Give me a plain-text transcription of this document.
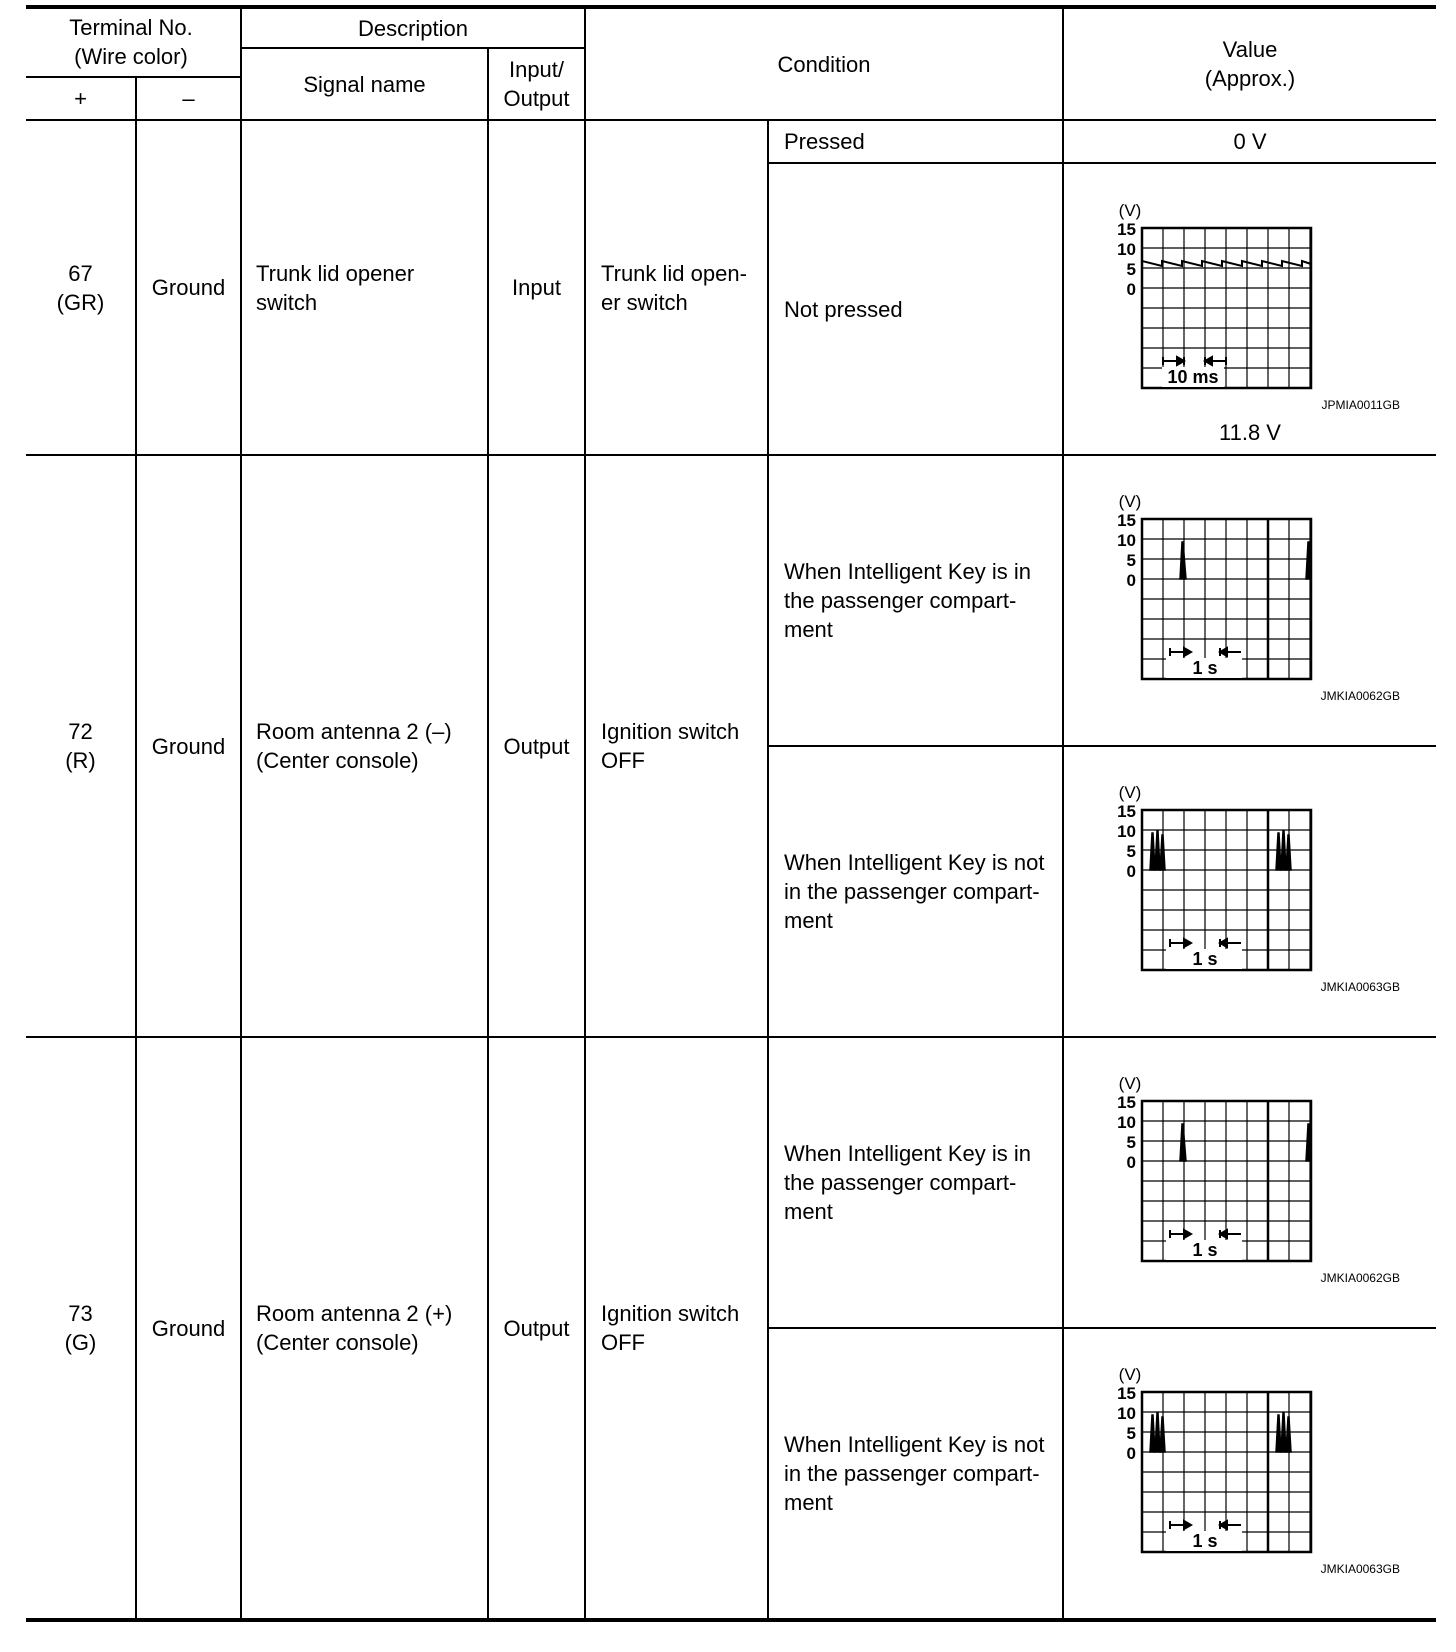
Terminal No.
(Wire color)
+	–
Description
Signal name
Input/
Output
Condition
Value
(Approx.)
67
(GR)
Ground
Trunk lid opener
switch
Input
Trunk lid open-
er switch
Pressed	0 V
Not pressed
(V)
15
10
5
0
10 ms
JPMIA0011GB
11.8 V
72
(R)
Ground
Room antenna 2 (–)
(Center console)
Output
Ignition switch
OFF
When Intelligent Key is in
the passenger compart-
ment
When Intelligent Key is not
in the passenger compart-
ment
(V)
15
10
5
0
1 s
JMKIA0062GB
(V)
15
10
5
0
1 s
JMKIA0063GB
73
(G)
Ground
Room antenna 2 (+)
(Center console)
Output
Ignition switch
OFF
When Intelligent Key is in
the passenger compart-
ment
When Intelligent Key is not
in the passenger compart-
ment
(V)
15
10
5
0
1 s
JMKIA0062GB
(V)
15
10
5
0
1 s
JMKIA0063GB
